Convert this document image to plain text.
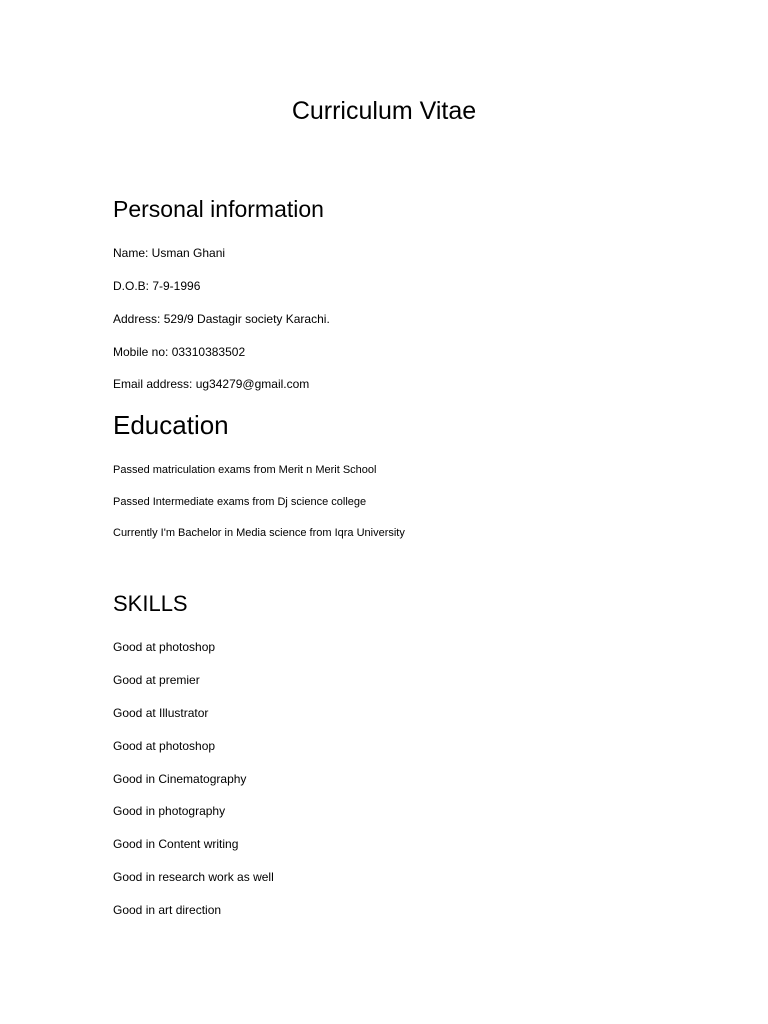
Curriculum Vitae
Personal information
Name: Usman Ghani
D.O.B: 7-9-1996
Address: 529/9 Dastagir society Karachi.
Mobile no: 03310383502
Email address: ug34279@gmail.com
Education
Passed matriculation exams from Merit n Merit School
Passed Intermediate exams from Dj science college
Currently I'm Bachelor in Media science from Iqra University
SKILLS
Good at photoshop
Good at premier
Good at Illustrator
Good at photoshop
Good in Cinematography
Good in photography
Good in Content writing
Good in research work as well
Good in art direction
